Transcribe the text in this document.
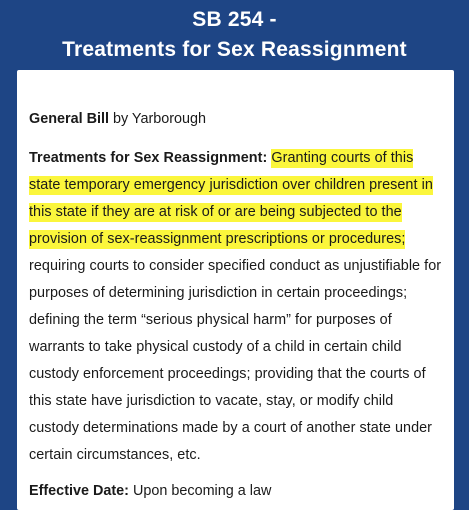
SB 254 -
Treatments for Sex Reassignment

General Bill by Yarborough

Treatments for Sex Reassignment: Granting courts of this state temporary emergency jurisdiction over children present in this state if they are at risk of or are being subjected to the provision of sex-reassignment prescriptions or procedures; requiring courts to consider specified conduct as unjustifiable for purposes of determining jurisdiction in certain proceedings; defining the term “serious physical harm” for purposes of warrants to take physical custody of a child in certain child custody enforcement proceedings; providing that the courts of this state have jurisdiction to vacate, stay, or modify child custody determinations made by a court of another state under certain circumstances, etc.

Effective Date: Upon becoming a law
